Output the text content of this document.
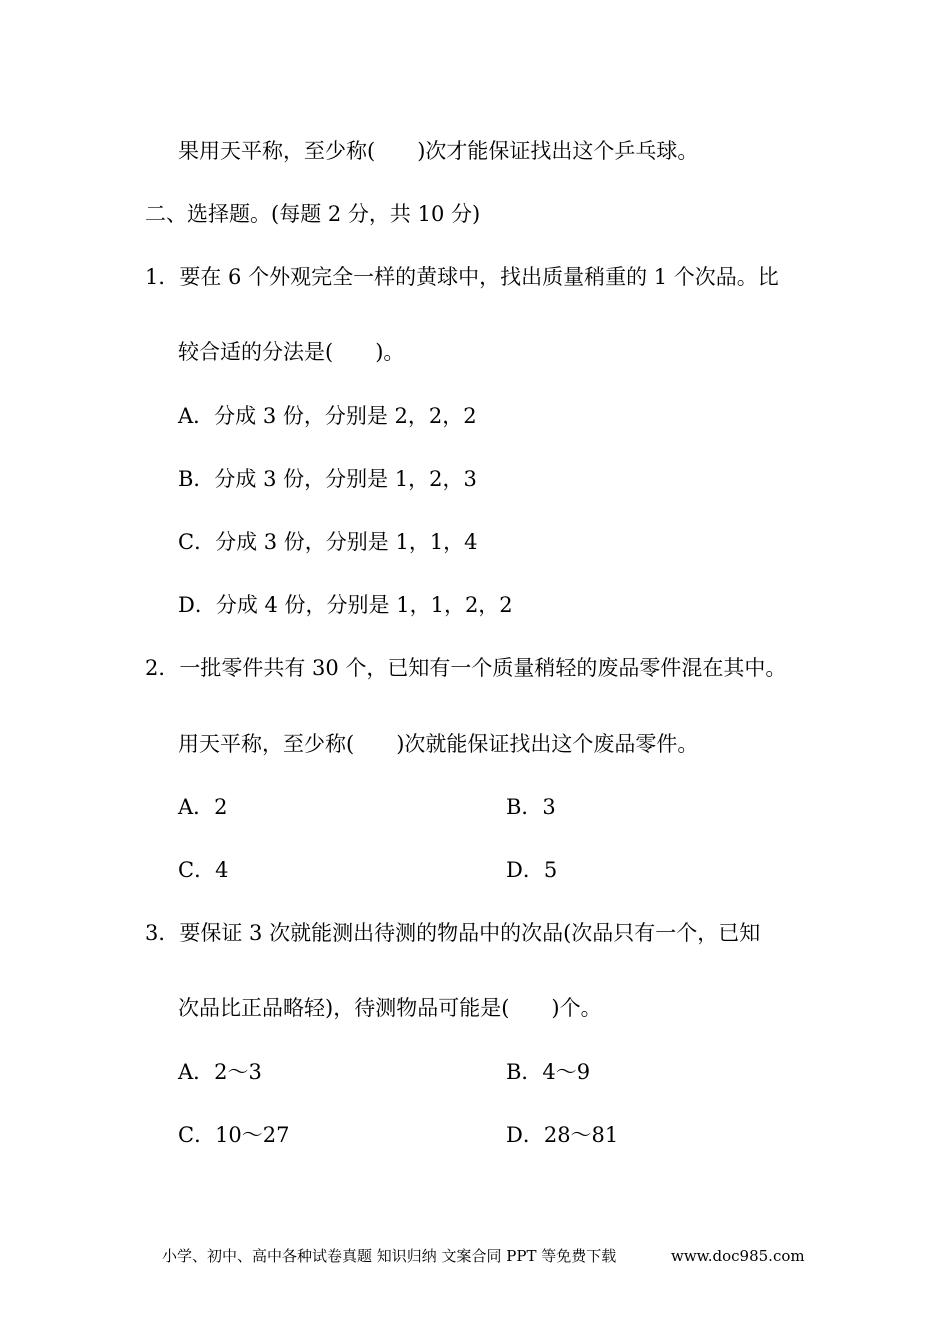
果用天平称，至少称(　　)次才能保证找出这个乒乓球。
二、选择题。(每题 2 分，共 10 分)
1．要在 6 个外观完全一样的黄球中，找出质量稍重的 1 个次品。比
较合适的分法是(　　)。
A．分成 3 份，分别是 2，2，2
B．分成 3 份，分别是 1，2，3
C．分成 3 份，分别是 1，1，4
D．分成 4 份，分别是 1，1，2，2
2．一批零件共有 30 个，已知有一个质量稍轻的废品零件混在其中。
用天平称，至少称(　　)次就能保证找出这个废品零件。
A．2	B．3
C．4	D．5
3．要保证 3 次就能测出待测的物品中的次品(次品只有一个，已知
次品比正品略轻)，待测物品可能是(　　)个。
A．2～3	B．4～9
C．10～27	D．28～81
小学、初中、高中各种试卷真题 知识归纳 文案合同 PPT 等免费下载	www.doc985.com
